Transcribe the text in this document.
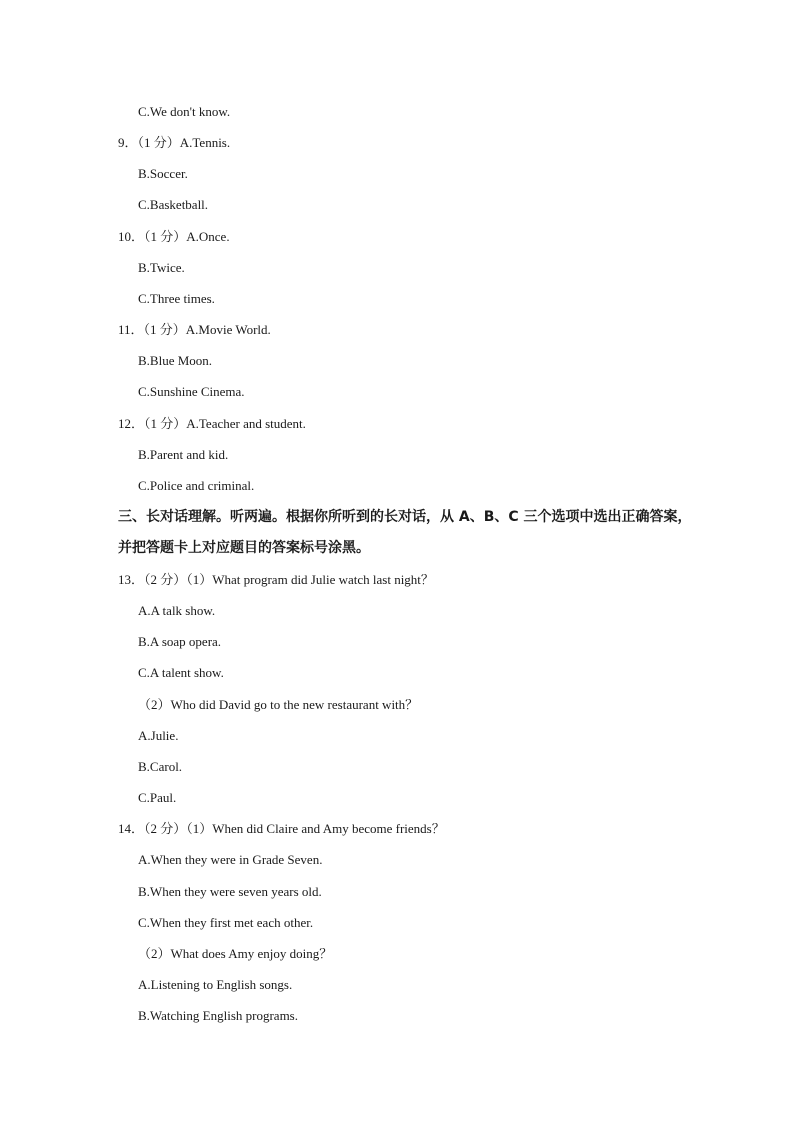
C.We don't know.
9．（1 分）A.Tennis.
B.Soccer.
C.Basketball.
10．（1 分）A.Once.
B.Twice.
C.Three times.
11．（1 分）A.Movie World.
B.Blue Moon.
C.Sunshine Cinema.
12．（1 分）A.Teacher and student.
B.Parent and kid.
C.Police and criminal.
三、长对话理解。听两遍。根据你所听到的长对话，从 A、B、C 三个选项中选出正确答案，
并把答题卡上对应题目的答案标号涂黑。
13．（2 分）（1）What program did Julie watch last night？
A.A talk show.
B.A soap opera.
C.A talent show.
（2）Who did David go to the new restaurant with？
A.Julie.
B.Carol.
C.Paul.
14．（2 分）（1）When did Claire and Amy become friends？
A.When they were in Grade Seven.
B.When they were seven years old.
C.When they first met each other.
（2）What does Amy enjoy doing？
A.Listening to English songs.
B.Watching English programs.
